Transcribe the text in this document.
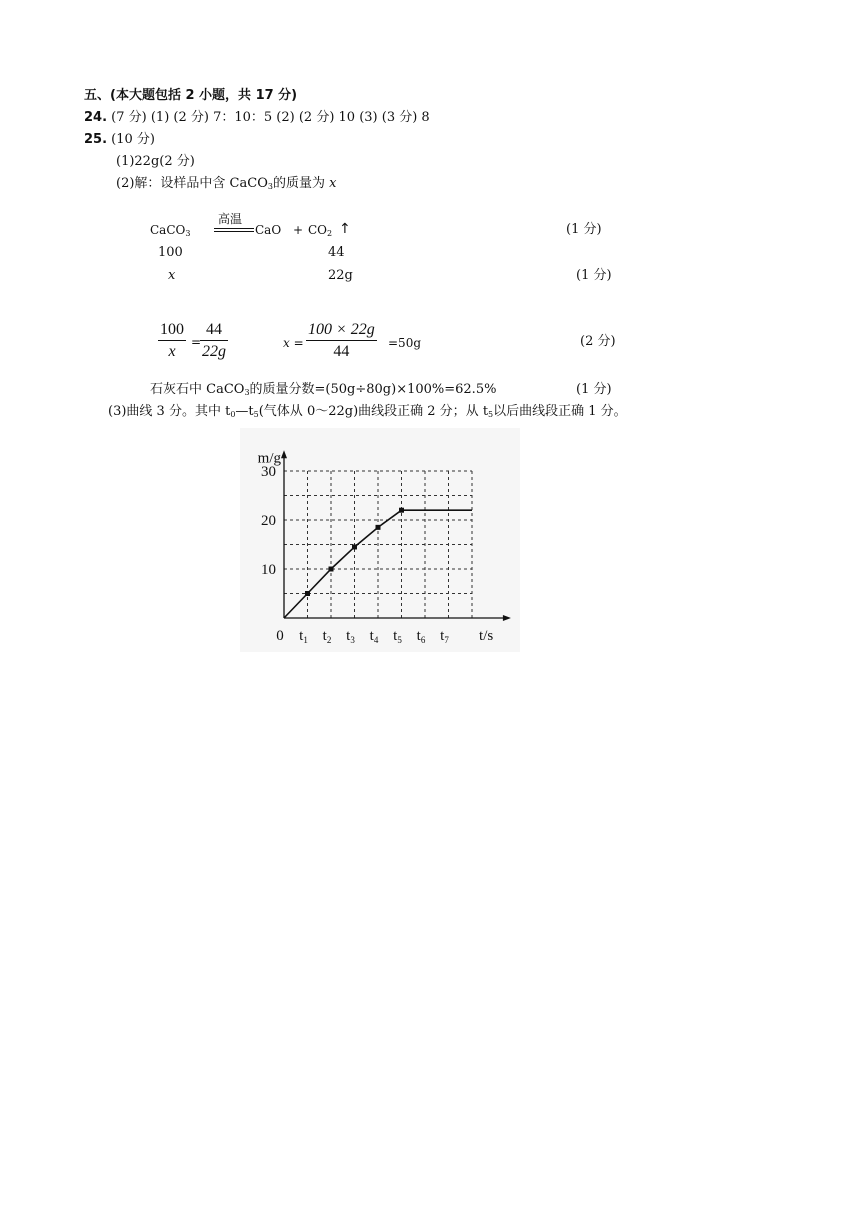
五、(本大题包括 2 小题，共 17 分)
24. (7 分) (1) (2 分) 7：10：5 (2) (2 分) 10 (3) (3 分) 8
25. (10 分)
(1)22g(2 分)
(2)解：设样品中含 CaCO$_3$的质量为 x
CaCO$_3$
高温
CaO + $CO_2$ ↑	(1 分)
100	44
x	22g	(1 分)
$\frac{100}{x}$ =
$\frac{44}{22g}$	$x = \frac{100 \times 22g}{44} =50g$	(2 分)
石灰石中 CaCO$_3$的质量分数=(50g÷80g)×100%=62.5%	(1 分)
(3)曲线 3 分。其中 $t_0—t_5$(气体从 0～22g)曲线段正确 2 分；从 $t_5$以后曲线段正确 1 分。
10
20
30
0 $t_1$ $t_2$ $t_3$ $t_4$ $t_5$ $t_6$ $t_7$ t/s
m/g
